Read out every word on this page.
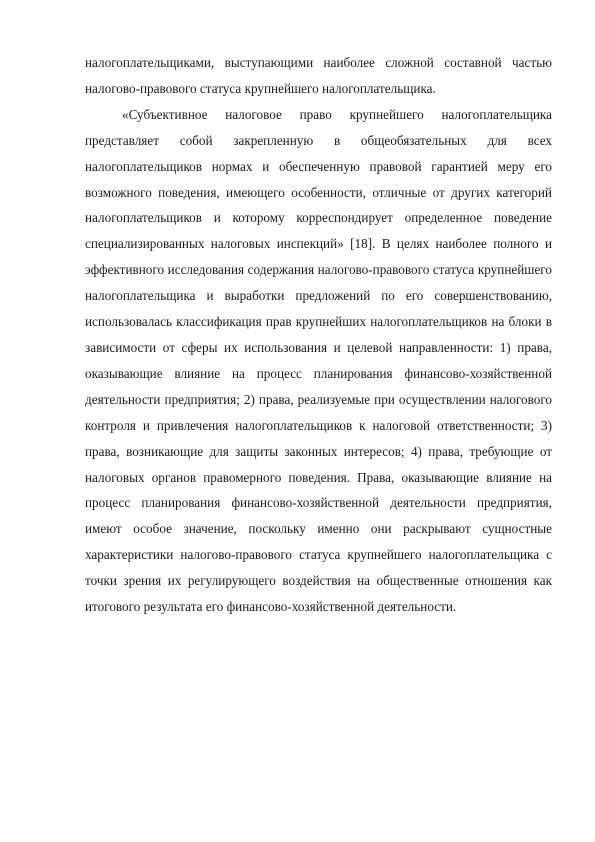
налогоплательщиками, выступающими наиболее сложной составной частью налогово-правового статуса крупнейшего налогоплательщика.

«Субъективное налоговое право крупнейшего налогоплательщика представляет собой закрепленную в общеобязательных для всех налогоплательщиков нормах и обеспеченную правовой гарантией меру его возможного поведения, имеющего особенности, отличные от других категорий налогоплательщиков и которому корреспондирует определенное поведение специализированных налоговых инспекций» [18]. В целях наиболее полного и эффективного исследования содержания налогово-правового статуса крупнейшего налогоплательщика и выработки предложений по его совершенствованию, использовалась классификация прав крупнейших налогоплательщиков на блоки в зависимости от сферы их использования и целевой направленности: 1) права, оказывающие влияние на процесс планирования финансово-хозяйственной деятельности предприятия; 2) права, реализуемые при осуществлении налогового контроля и привлечения налогоплательщиков к налоговой ответственности; 3) права, возникающие для защиты законных интересов; 4) права, требующие от налоговых органов правомерного поведения. Права, оказывающие влияние на процесс планирования финансово-хозяйственной деятельности предприятия, имеют особое значение, поскольку именно они раскрывают сущностные характеристики налогово-правового статуса крупнейшего налогоплательщика с точки зрения их регулирующего воздействия на общественные отношения как итогового результата его финансово-хозяйственной деятельности.
